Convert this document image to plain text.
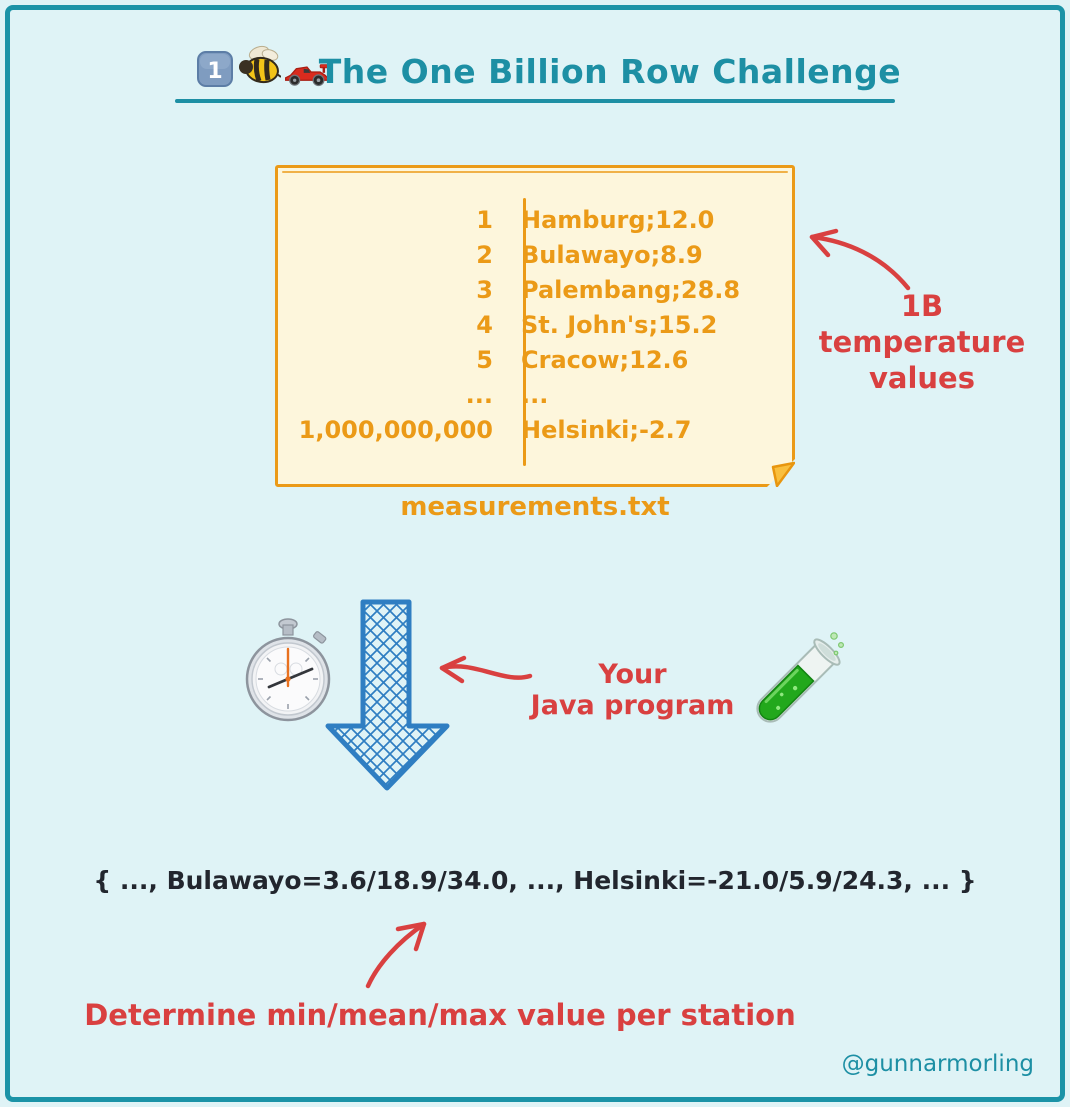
1	The One Billion Row Challenge
1	Hamburg;12.0
2	Bulawayo;8.9
3	Palembang;28.8
4	St. John's;15.2
5	Cracow;12.6
...	...
1,000,000,000	Helsinki;-2.7
measurements.txt
1B temperature
values
Your
Java program
{ ..., Bulawayo=3.6/18.9/34.0, ..., Helsinki=-21.0/5.9/24.3, ... }
Determine min/mean/max value per station
@gunnarmorling
